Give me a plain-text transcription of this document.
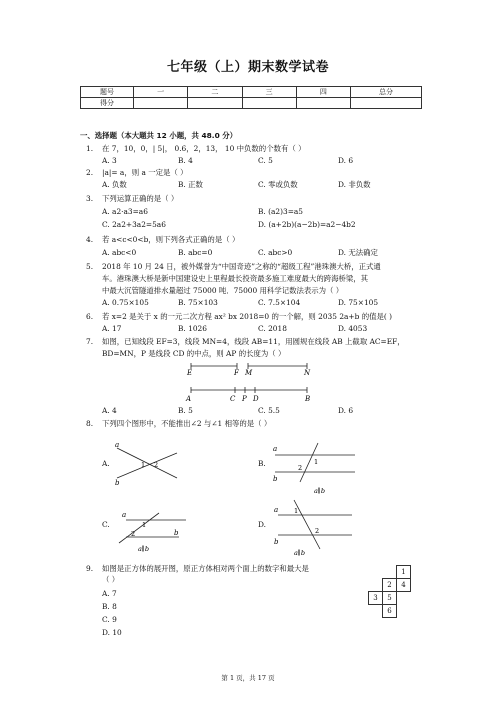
七年级（上）期末数学试卷
题号	一	二	三	四	总分
得分					
一、选择题（本大题共 12 小题，共 48.0 分）
1. 在 7，10，0，| 5|， 0.6，2，13， 10 中负数的个数有（ ）
A. 3	B. 4	C. 5	D. 6
2. |a|= a，则 a 一定是（ ）
A. 负数	B. 正数	C. 零或负数	D. 非负数
3. 下列运算正确的是（ ）
A. a2·a3=a6	B. (a2)3=a5
C. 2a2+3a2=5a6	D. (a+2b)(a−2b)=a2−4b2
4. 若 a<c<0<b，则下列各式正确的是（ ）
A. abc<0	B. abc=0	C. abc>0	D. 无法确定
5. 2018 年 10 月 24 日，被外媒誉为“中国奇迹”之称的“超级工程”港珠澳大桥，正式通
车。港珠澳大桥是新中国建设史上里程最长投资最多施工难度最大的跨海桥梁，其
中最大沉管隧道排水量超过 75000 吨．75000 用科学记数法表示为（ ）
A. 0.75×105	B. 75×103	C. 7.5×104	D. 75×105
6. 若 x=2 是关于 x 的一元二次方程 ax² bx 2018=0 的一个解，则 2035 2a+b 的值是( )
A. 17	B. 1026	C. 2018	D. 4053
7. 如图，已知线段 EF=3，线段 MN=4，线段 AB=11，用圆规在线段 AB 上截取 AC=EF，
BD=MN，P 是线段 CD 的中点，则 AP 的长度为（ ）
E	F M	N
A	C P D	B
A. 4	B. 5	C. 5.5	D. 6
8. 下列四个图形中，不能推出∠2 与∠1 相等的是（ ）
A.
a
b
1 2	B.
a
b
1
2
a∥b
C.
a
b
1
2
a∥b
D.
a
b
1
2
a∥b
9. 如图是正方体的展开图，原正方体相对两个面上的数字和最大是
（ ）
A. 7
B. 8
C. 9
D. 10
		1
	2	4
3	5	
	6	
第 1 页，共 17 页
